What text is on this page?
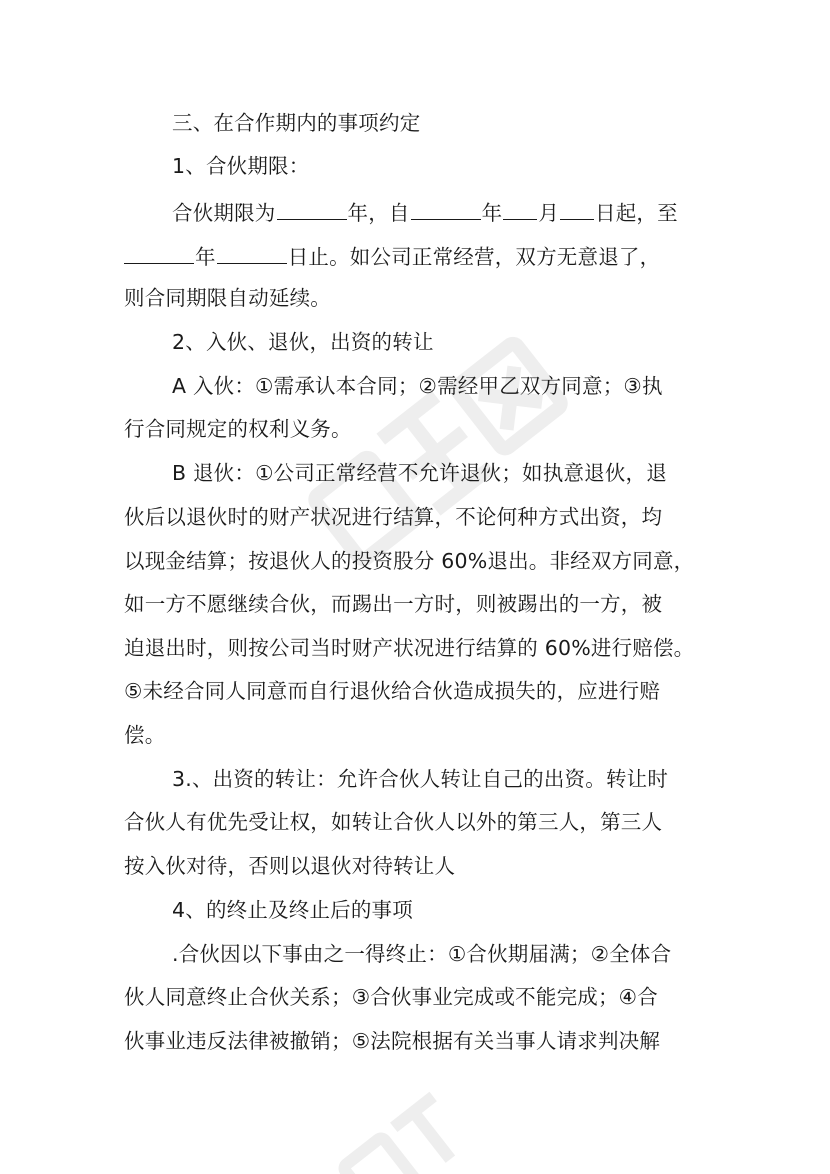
三、在合作期内的事项约定
1、合伙期限：
合伙期限为	年，自	年 月 日起，至
年	日止。如公司正常经营，双方无意退了，
则合同期限自动延续。
2、入伙、退伙，出资的转让
A 入伙：①需承认本合同；②需经甲乙双方同意；③执
行合同规定的权利义务。
B 退伙：①公司正常经营不允许退伙；如执意退伙，退
伙后以退伙时的财产状况进行结算，不论何种方式出资，均
以现金结算；按退伙人的投资股分 60%退出。非经双方同意，
如一方不愿继续合伙，而踢出一方时，则被踢出的一方，被
迫退出时，则按公司当时财产状况进行结算的 60%进行赔偿。
⑤未经合同人同意而自行退伙给合伙造成损失的，应进行赔
偿。
3.、出资的转让：允许合伙人转让自己的出资。转让时
合伙人有优先受让权，如转让合伙人以外的第三人，第三人
按入伙对待，否则以退伙对待转让人
4、的终止及终止后的事项
.合伙因以下事由之一得终止：①合伙期届满；②全体合
伙人同意终止合伙关系；③合伙事业完成或不能完成；④合
伙事业违反法律被撤销；⑤法院根据有关当事人请求判决解
